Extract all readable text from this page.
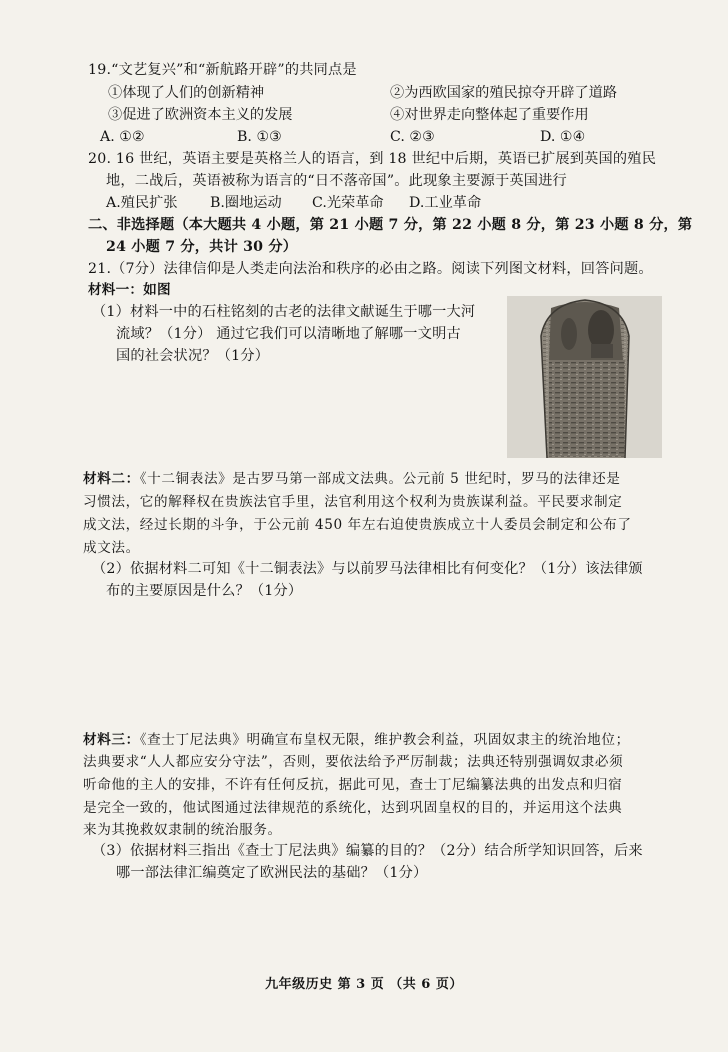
19.“文艺复兴”和“新航路开辟”的共同点是
①体现了人们的创新精神	②为西欧国家的殖民掠夺开辟了道路
③促进了欧洲资本主义的发展	④对世界走向整体起了重要作用
A. ①②	B. ①③	C. ②③	D. ①④
20. 16 世纪，英语主要是英格兰人的语言，到 18 世纪中后期，英语已扩展到英国的殖民
地，二战后，英语被称为语言的“日不落帝国”。此现象主要源于英国进行
A.殖民扩张 B.圈地运动 C.光荣革命 D.工业革命
二、非选择题（本大题共 4 小题，第 21 小题 7 分，第 22 小题 8 分，第 23 小题 8 分，第
24 小题 7 分，共计 30 分）
21.（7分）法律信仰是人类走向法治和秩序的必由之路。阅读下列图文材料，回答问题。
材料一：如图
（1）材料一中的石柱铭刻的古老的法律文献诞生于哪一大河
流域？（1分） 通过它我们可以清晰地了解哪一文明古
国的社会状况？（1分）
材料二：《十二铜表法》是古罗马第一部成文法典。公元前 5 世纪时，罗马的法律还是
习惯法，它的解释权在贵族法官手里，法官利用这个权利为贵族谋利益。平民要求制定
成文法，经过长期的斗争，于公元前 450 年左右迫使贵族成立十人委员会制定和公布了
成文法。
（2）依据材料二可知《十二铜表法》与以前罗马法律相比有何变化？（1分）该法律颁
布的主要原因是什么？（1分）
材料三：《查士丁尼法典》明确宣布皇权无限，维护教会利益，巩固奴隶主的统治地位；
法典要求“人人都应安分守法”，否则，要依法给予严厉制裁；法典还特别强调奴隶必须
听命他的主人的安排，不许有任何反抗，据此可见，查士丁尼编纂法典的出发点和归宿
是完全一致的，他试图通过法律规范的系统化，达到巩固皇权的目的，并运用这个法典
来为其挽救奴隶制的统治服务。
（3）依据材料三指出《查士丁尼法典》编纂的目的？（2分）结合所学知识回答，后来
哪一部法律汇编奠定了欧洲民法的基础？（1分）
九年级历史 第 3 页 （共 6 页）
